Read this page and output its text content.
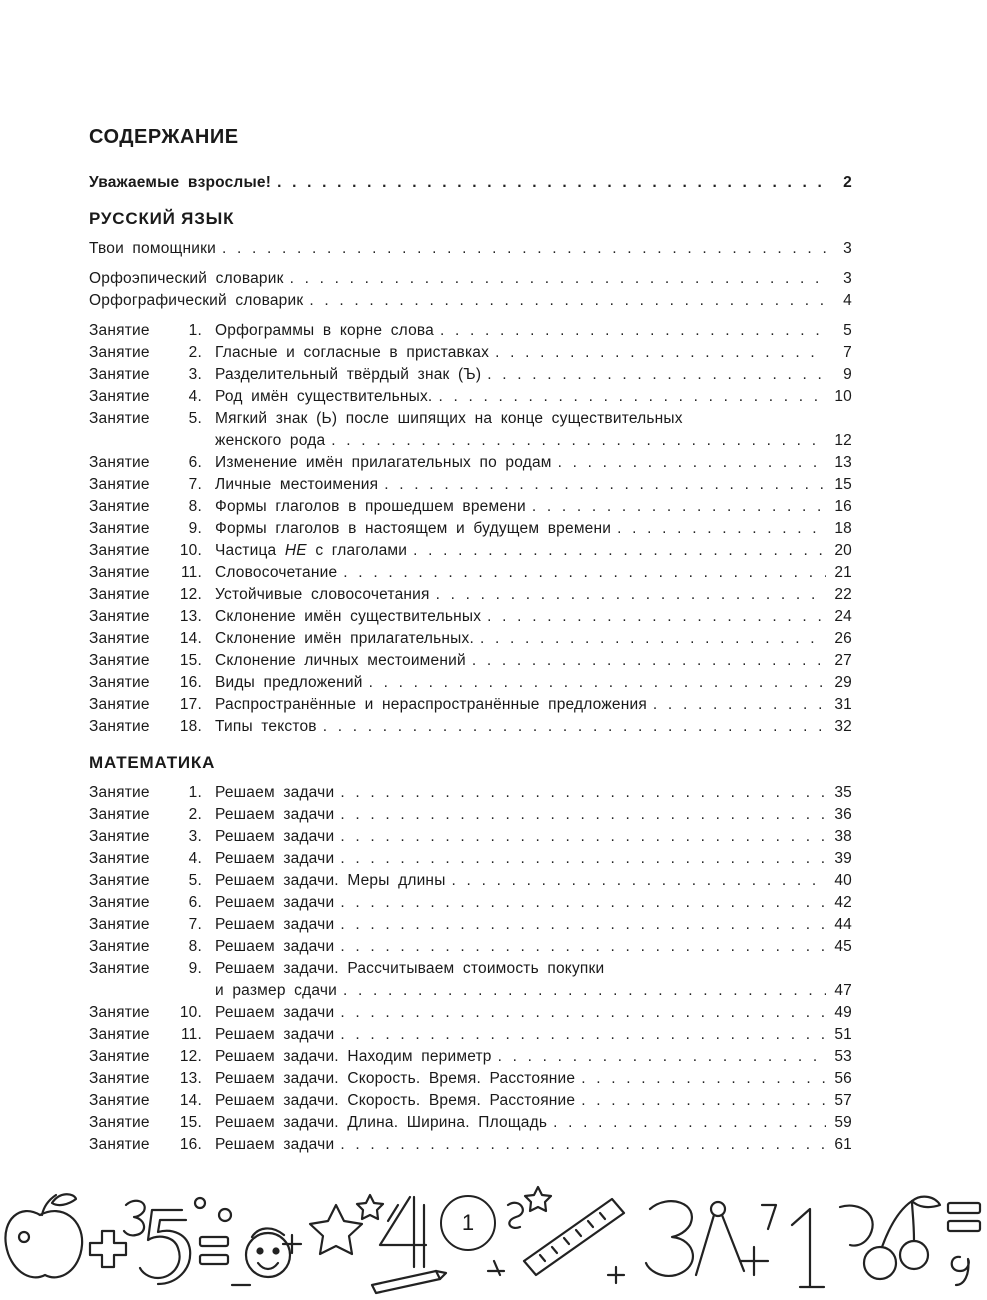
СОДЕРЖАНИЕ
Уважаемые взрослые! . . .	2
РУССКИЙ ЯЗЫК
Твои помощники . . .	3
Орфоэпический словарик . . .	3
Орфографический словарик . . .	4
Занятие	1. Орфограммы в корне слова . . .	5
Занятие	2. Гласные и согласные в приставках . . .	7
Занятие	3. Разделительный твёрдый знак (Ъ) . . .	9
Занятие	4. Род имён существительных. . . .	10
Занятие	5. Мягкий знак (Ь) после шипящих на конце существительных
женского рода . . .	12
Занятие	6. Изменение имён прилагательных по родам . . .	13
Занятие	7. Личные местоимения . . .	15
Занятие	8. Формы глаголов в прошедшем времени . . .	16
Занятие	9. Формы глаголов в настоящем и будущем времени . . .	18
Занятие	10. Частица НЕ с глаголами . . .	20
Занятие	11. Словосочетание . . .	21
Занятие	12. Устойчивые словосочетания . . .	22
Занятие	13. Склонение имён существительных . . .	24
Занятие	14. Склонение имён прилагательных. . . .	26
Занятие	15. Склонение личных местоимений . . .	27
Занятие	16. Виды предложений . . .	29
Занятие	17. Распространённые и нераспространённые предложения . . .	31
Занятие	18. Типы текстов . . .	32
МАТЕМАТИКА
Занятие	1. Решаем задачи . . .	35
Занятие	2. Решаем задачи . . .	36
Занятие	3. Решаем задачи . . .	38
Занятие	4. Решаем задачи . . .	39
Занятие	5. Решаем задачи. Меры длины . . .	40
Занятие	6. Решаем задачи . . .	42
Занятие	7. Решаем задачи . . .	44
Занятие	8. Решаем задачи . . .	45
Занятие	9. Решаем задачи. Рассчитываем стоимость покупки
и размер сдачи . . .	47
Занятие	10. Решаем задачи . . .	49
Занятие	11. Решаем задачи . . .	51
Занятие	12. Решаем задачи. Находим периметр . . .	53
Занятие	13. Решаем задачи. Скорость. Время. Расстояние . . .	56
Занятие	14. Решаем задачи. Скорость. Время. Расстояние . . .	57
Занятие	15. Решаем задачи. Длина. Ширина. Площадь . . .	59
Занятие	16. Решаем задачи . . .	61
1
